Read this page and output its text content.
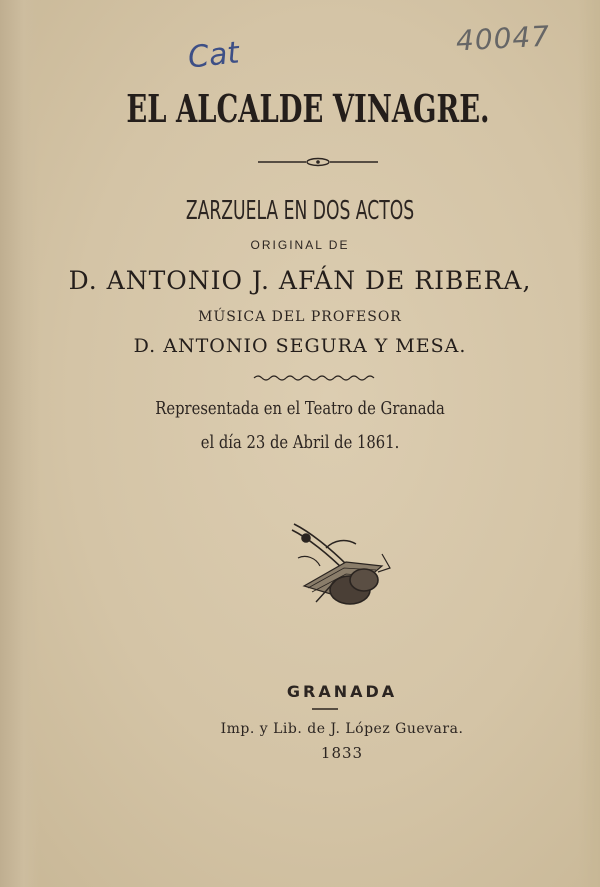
Cat	40047
EL ALCALDE VINAGRE.
ZARZUELA EN DOS ACTOS
ORIGINAL DE
D. ANTONIO J. AFÁN DE RIBERA,
MÚSICA DEL PROFESOR
D. ANTONIO SEGURA Y MESA.
Representada en el Teatro de Granada
el día 23 de Abril de 1861.
GRANADA
Imp. y Lib. de J. López Guevara.
1833
